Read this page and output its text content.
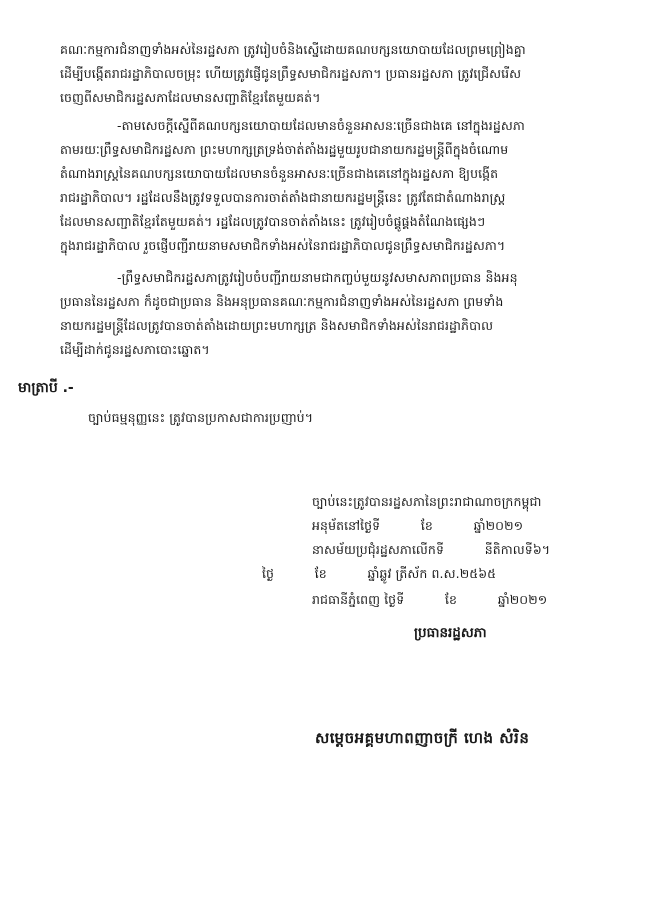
គណៈកម្មការជំនាញទាំងអស់នៃរដ្ឋសភា ត្រូវរៀបចំនិងស្នើដោយគណបក្សនយោបាយដែលព្រមព្រៀងគ្នា
ដើម្បីបង្កើតរាជរដ្ឋាភិបាលចម្រុះ ហើយត្រូវផ្ញើជូនព្រឹទ្ធសមាជិករដ្ឋសភា។ ប្រធានរដ្ឋសភា ត្រូវជ្រើសរើស
ចេញពីសមាជិករដ្ឋសភាដែលមានសញ្ជាតិខ្មែរតែមួយគត់។
-តាមសេចក្តីស្នើពីគណបក្សនយោបាយដែលមានចំនួនអាសនៈច្រើនជាងគេ នៅក្នុងរដ្ឋសភា
តាមរយៈព្រឹទ្ធសមាជិករដ្ឋសភា ព្រះមហាក្សត្រទ្រង់ចាត់តាំងរដ្ឋមួយរូបជានាយករដ្ឋមន្ត្រីពីក្នុងចំណោម
តំណាងរាស្ត្រនៃគណបក្សនយោបាយដែលមានចំនួនអាសនៈច្រើនជាងគេនៅក្នុងរដ្ឋសភា ឱ្យបង្កើត
រាជរដ្ឋាភិបាល។ រដ្ឋដែលនឹងត្រូវទទួលបានការចាត់តាំងជានាយករដ្ឋមន្ត្រីនេះ ត្រូវតែជាតំណាងរាស្ត្រ
ដែលមានសញ្ជាតិខ្មែរតែមួយគត់។ រដ្ឋដែលត្រូវបានចាត់តាំងនេះ ត្រូវរៀបចំផ្គូផ្គងតំណែងផ្សេងៗ
ក្នុងរាជរដ្ឋាភិបាល រួចផ្ញើបញ្ជីរាយនាមសមាជិកទាំងអស់នៃរាជរដ្ឋាភិបាលជូនព្រឹទ្ធសមាជិករដ្ឋសភា។
-ព្រឹទ្ធសមាជិករដ្ឋសភាត្រូវរៀបចំបញ្ជីរាយនាមជាកញ្ចប់មួយនូវសមាសភាពប្រធាន និងអនុ
ប្រធាននៃរដ្ឋសភា ក៏ដូចជាប្រធាន និងអនុប្រធានគណៈកម្មការជំនាញទាំងអស់នៃរដ្ឋសភា ព្រមទាំង
នាយករដ្ឋមន្ត្រីដែលត្រូវបានចាត់តាំងដោយព្រះមហាក្សត្រ និងសមាជិកទាំងអស់នៃរាជរដ្ឋាភិបាល
ដើម្បីដាក់ជូនរដ្ឋសភាបោះឆ្នោត។
មាត្រាបី .-
ច្បាប់ធម្មនុញ្ញនេះ ត្រូវបានប្រកាសជាការប្រញាប់។
ច្បាប់នេះត្រូវបានរដ្ឋសភានៃព្រះរាជាណាចក្រកម្ពុជា
អនុម័តនៅថ្ងៃទី          ខែ          ឆ្នាំ២០២១
នាសម័យប្រជុំរដ្ឋសភាលើកទី          នីតិកាលទី៦។
ថ្ងៃ          ខែ          ឆ្នាំឆ្លូវ ត្រីស័ក ព.ស.២៥៦៥
រាជធានីភ្នំពេញ ថ្ងៃទី          ខែ          ឆ្នាំ២០២១
ប្រធានរដ្ឋសភា
សម្តេចអគ្គមហាពញាចក្រី ហេង សំរិន
